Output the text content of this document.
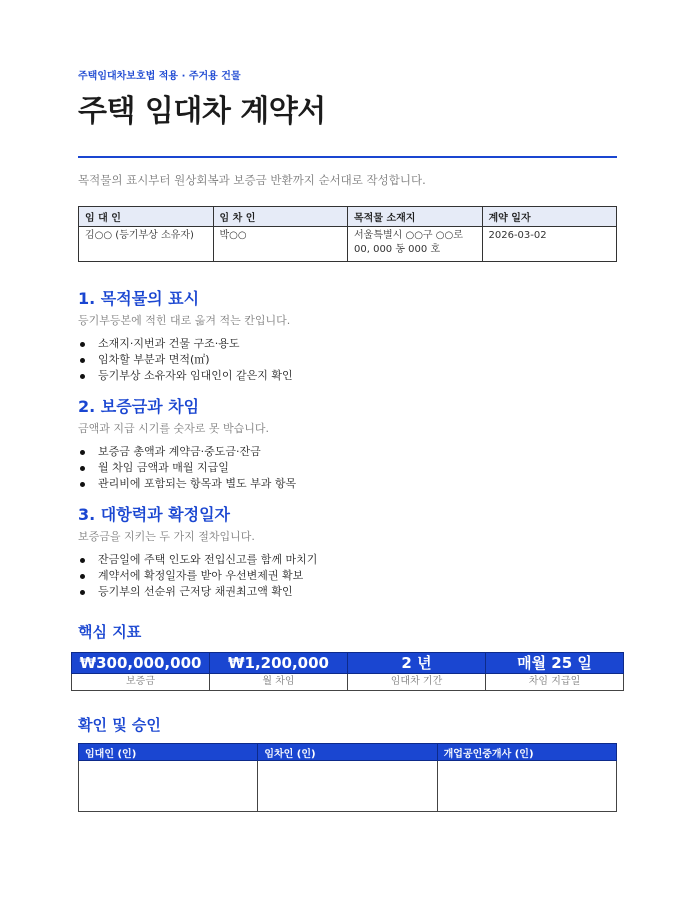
주택임대차보호법 적용 · 주거용 건물
주택 임대차 계약서
목적물의 표시부터 원상회복과 보증금 반환까지 순서대로 작성합니다.
임 대 인	임 차 인	목적물 소재지	계약 일자
김○○ (등기부상 소유자)	박○○	서울특별시 ○○구 ○○로 00, 000 동 000 호	2026-03-02
1. 목적물의 표시
등기부등본에 적힌 대로 옮겨 적는 칸입니다.
소재지·지번과 건물 구조·용도
임차할 부분과 면적(㎡)
등기부상 소유자와 임대인이 같은지 확인
2. 보증금과 차임
금액과 지급 시기를 숫자로 못 박습니다.
보증금 총액과 계약금·중도금·잔금
월 차임 금액과 매월 지급일
관리비에 포함되는 항목과 별도 부과 항목
3. 대항력과 확정일자
보증금을 지키는 두 가지 절차입니다.
잔금일에 주택 인도와 전입신고를 함께 마치기
계약서에 확정일자를 받아 우선변제권 확보
등기부의 선순위 근저당 채권최고액 확인
핵심 지표
₩300,000,000	₩1,200,000	2 년	매월 25 일
보증금	월 차임	임대차 기간	차임 지급일
확인 및 승인
임대인 (인)	임차인 (인)	개업공인중개사 (인)
